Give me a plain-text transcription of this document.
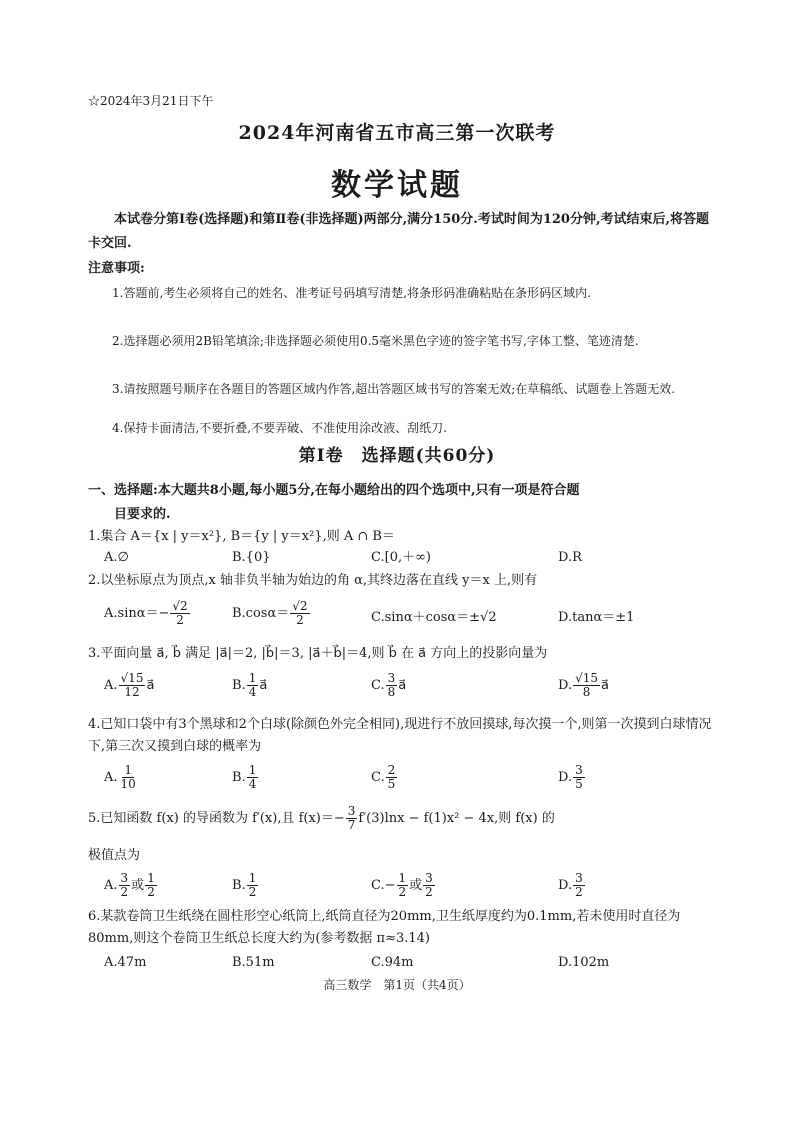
☆2024年3月21日下午
2024年河南省五市高三第一次联考
数学试题
本试卷分第Ⅰ卷(选择题)和第Ⅱ卷(非选择题)两部分,满分150分.考试时间为120分钟,考试结束后,将答题卡交回.
注意事项:
1.答题前,考生必须将自己的姓名、准考证号码填写清楚,将条形码准确粘贴在条形码区域内.
2.选择题必须用2B铅笔填涂;非选择题必须使用0.5毫米黑色字迹的签字笔书写,字体工整、笔迹清楚.
3.请按照题号顺序在各题目的答题区域内作答,超出答题区域书写的答案无效;在草稿纸、试题卷上答题无效.
4.保持卡面清洁,不要折叠,不要弄破、不准使用涂改液、刮纸刀.
第Ⅰ卷　选择题(共60分)
一、选择题:本大题共8小题,每小题5分,在每小题给出的四个选项中,只有一项是符合题
目要求的.
1.集合 A＝{x | y＝x²}, B＝{y | y＝x²},则 A ∩ B＝
A.∅	B.{0}	C.[0,＋∞)	D.R
2.以坐标原点为顶点,x 轴非负半轴为始边的角 α,其终边落在直线 y＝x 上,则有
$A.\sin\alpha=- \frac{√2}{2}$	$B.\cos\alpha= \frac{√2}{2}$	C.sinα＋cosα＝±√2	D.tanα＝±1
3.平面向量 a⃗, b⃗ 满足 |a⃗|＝2, |b⃗|＝3, |a⃗＋b⃗|＝4,则 b⃗ 在 a⃗ 方向上的投影向量为
A. $\frac{√15}{12}$ a⃗	B. $\frac{1}{4}$ a⃗	C. $\frac{3}{8}$ a⃗	D. $\frac{√15}{8}$ a⃗
4.已知口袋中有3个黑球和2个白球(除颜色外完全相同),现进行不放回摸球,每次摸一个,则第一次摸到白球情况下,第三次又摸到白球的概率为
A. $\frac{1}{10}$	B. $\frac{1}{4}$	C. $\frac{2}{5}$	D. $\frac{3}{5}$
5.已知函数 f(x) 的导函数为 f′(x),且 $f(x)=- \frac{3}{7} f'(3)\ln x - f(1)x^2 - 4x$,则 f(x) 的
极值点为
A. $\frac{3}{2}$ 或 $\frac{1}{2}$	B. $\frac{1}{2}$	$C.- \frac{1}{2}$ 或 $\frac{3}{2}$	D. $\frac{3}{2}$
6.某款卷筒卫生纸绕在圆柱形空心纸筒上,纸筒直径为20mm,卫生纸厚度约为0.1mm,若未使用时直径为80mm,则这个卷筒卫生纸总长度大约为(参考数据 π≈3.14)
A.47m	B.51m	C.94m	D.102m
高三数学　第1页（共4页）
